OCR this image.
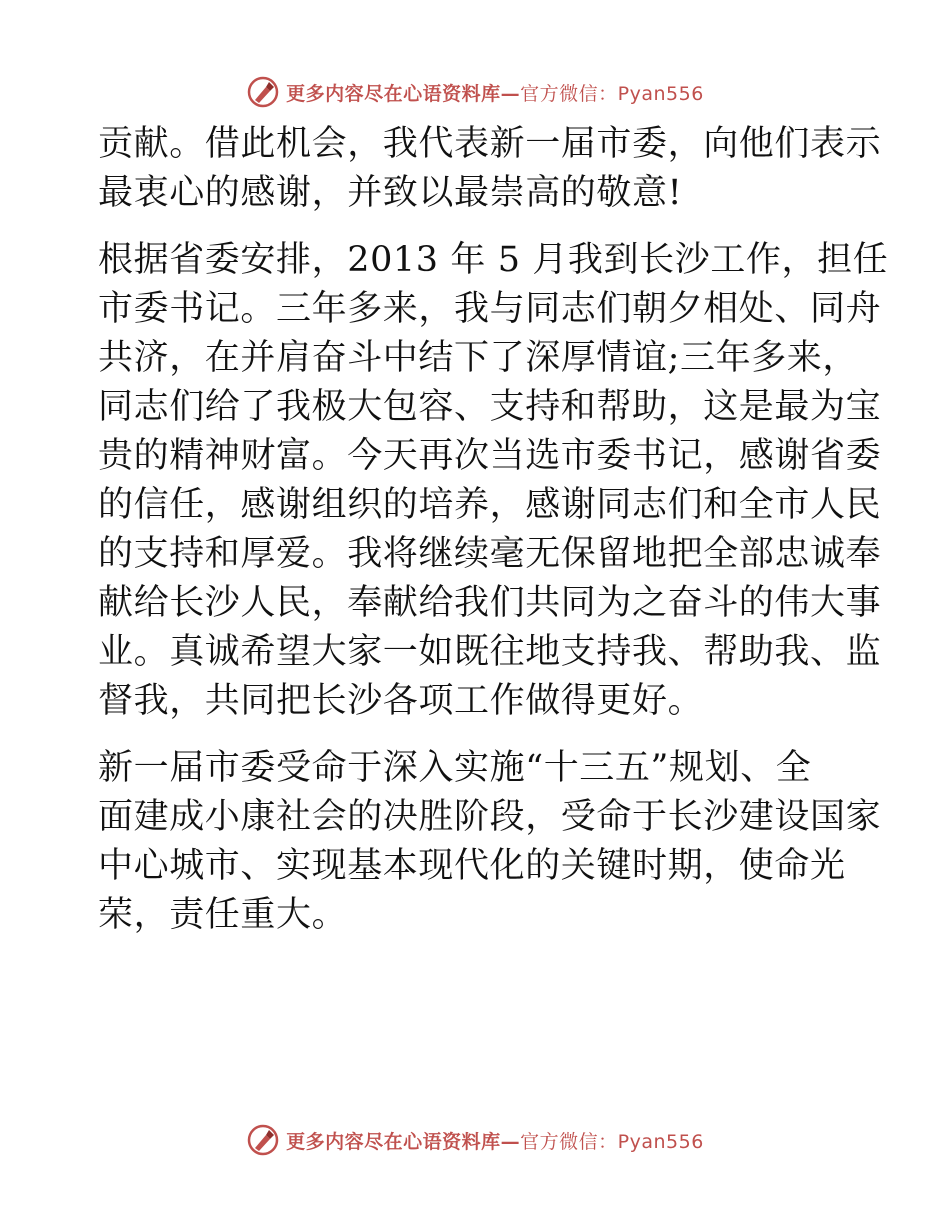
更多内容尽在心语资料库—官方微信：Pyan556
贡献。借此机会，我代表新一届市委，向他们表示
最衷心的感谢，并致以最崇高的敬意!
根据省委安排，2013 年 5 月我到长沙工作，担任
市委书记。三年多来，我与同志们朝夕相处、同舟
共济，在并肩奋斗中结下了深厚情谊;三年多来，
同志们给了我极大包容、支持和帮助，这是最为宝
贵的精神财富。今天再次当选市委书记，感谢省委
的信任，感谢组织的培养，感谢同志们和全市人民
的支持和厚爱。我将继续毫无保留地把全部忠诚奉
献给长沙人民，奉献给我们共同为之奋斗的伟大事
业。真诚希望大家一如既往地支持我、帮助我、监
督我，共同把长沙各项工作做得更好。
新一届市委受命于深入实施“十三五”规划、全
面建成小康社会的决胜阶段，受命于长沙建设国家
中心城市、实现基本现代化的关键时期，使命光
荣，责任重大。
更多内容尽在心语资料库—官方微信：Pyan556
